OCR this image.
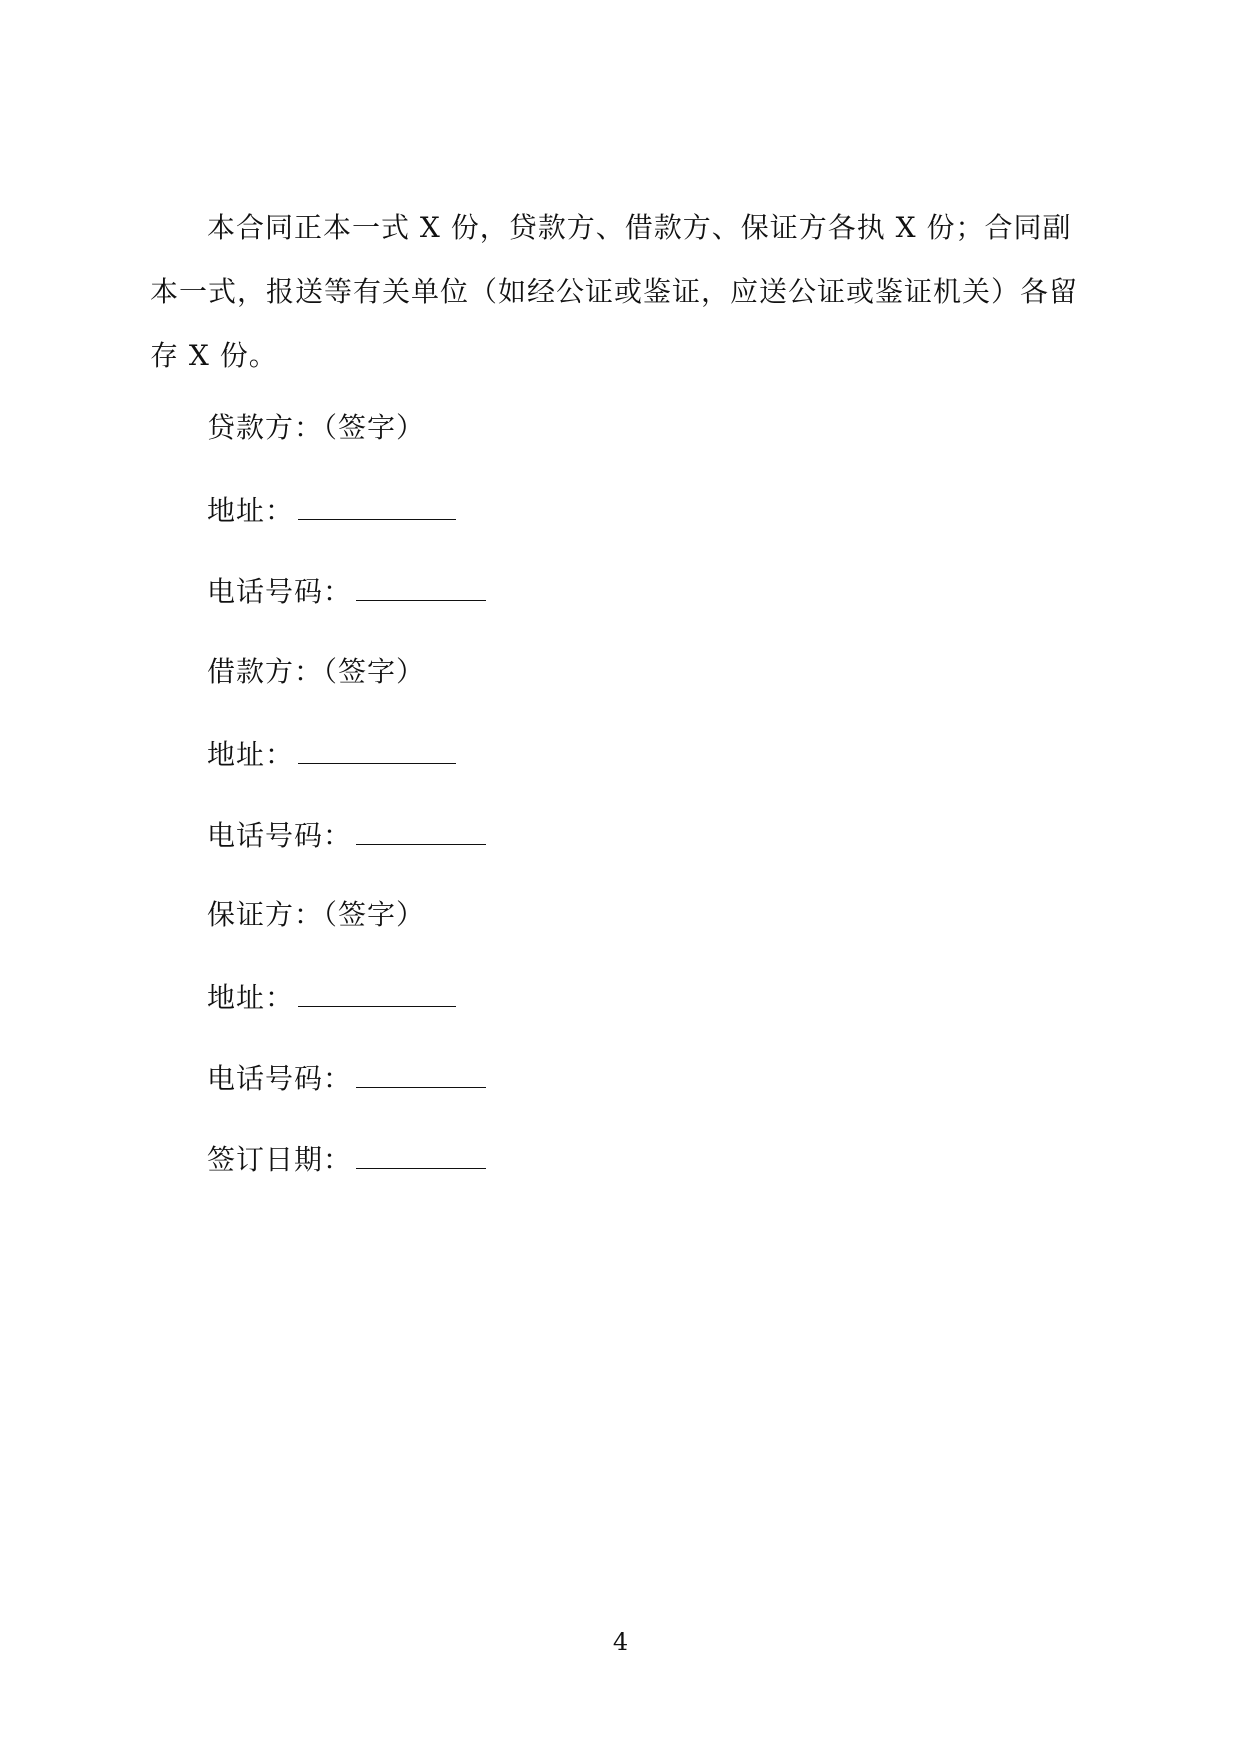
本合同正本一式 X 份，贷款方、借款方、保证方各执 X 份；合同副本一式，报送等有关单位（如经公证或鉴证，应送公证或鉴证机关）各留存 X 份。

贷款方：（签字）
地址：
电话号码：
借款方：（签字）
地址：
电话号码：
保证方：（签字）
地址：
电话号码：
签订日期：
4
